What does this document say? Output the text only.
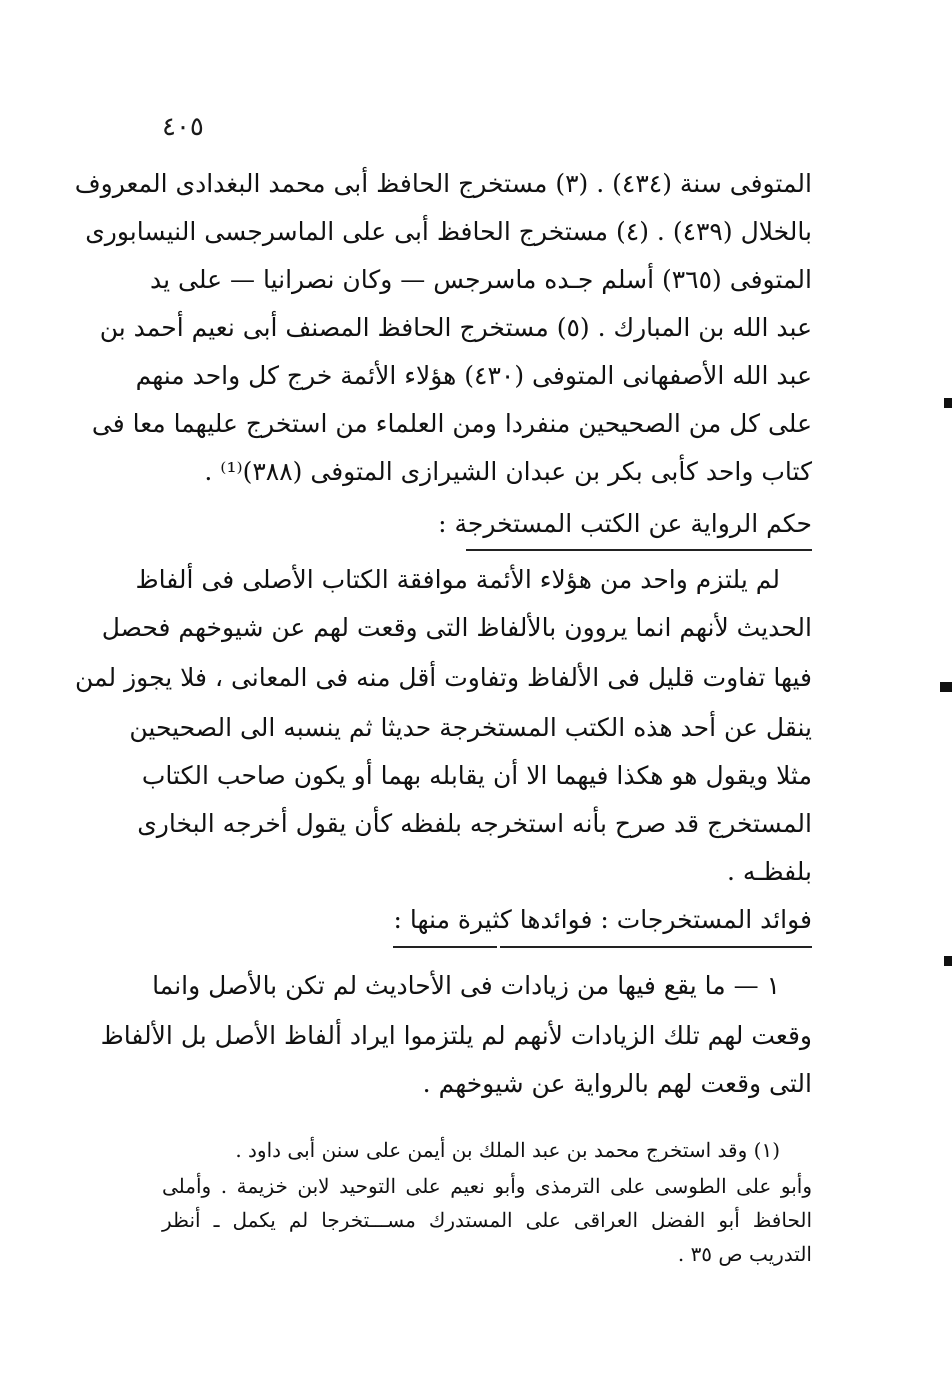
٤٠٥
المتوفى سنة (٤٣٤) . (٣) مستخرج الحافظ أبى محمد البغدادى المعروف
بالخلال (٤٣٩) . (٤) مستخرج الحافظ أبى على الماسرجسى النيسابورى
المتوفى (٣٦٥) أسلم جـده ماسرجس — وكان نصرانيا — على يد
عبد الله بن المبارك . (٥) مستخرج الحافظ المصنف أبى نعيم أحمد بن
عبد الله الأصفهانى المتوفى (٤٣٠) هؤلاء الأئمة خرج كل واحد منهم
على كل من الصحيحين منفردا ومن العلماء من استخرج عليهما معا فى
كتاب واحد كأبى بكر بن عبدان الشيرازى المتوفى (٣٨٨)⁽¹⁾ .
حكم الرواية عن الكتب المستخرجة :
لم يلتزم واحد من هؤلاء الأئمة موافقة الكتاب الأصلى فى ألفاظ
الحديث لأنهم انما يروون بالألفاظ التى وقعت لهم عن شيوخهم فحصل
فيها تفاوت قليل فى الألفاظ وتفاوت أقل منه فى المعانى ، فلا يجوز لمن
ينقل عن أحد هذه الكتب المستخرجة حديثا ثم ينسبه الى الصحيحين
مثلا ويقول هو هكذا فيهما الا أن يقابله بهما أو يكون صاحب الكتاب
المستخرج قد صرح بأنه استخرجه بلفظه كأن يقول أخرجه البخارى
بلفظـه .
فوائد المستخرجات : فوائدها كثيرة منها :
١ — ما يقع فيها من زيادات فى الأحاديث لم تكن بالأصل وانما
وقعت لهم تلك الزيادات لأنهم لم يلتزموا ايراد ألفاظ الأصل بل الألفاظ
التى وقعت لهم بالرواية عن شيوخهم .
(١) وقد استخرج محمد بن عبد الملك بن أيمن على سنن أبى داود .
وأبو على الطوسى على الترمذى وأبو نعيم على التوحيد لابن خزيمة . وأملى
الحافظ أبو الفضل العراقى على المستدرك مســـتخرجا لم يكمل ـ أنظر
التدريب ص ٣٥ .
